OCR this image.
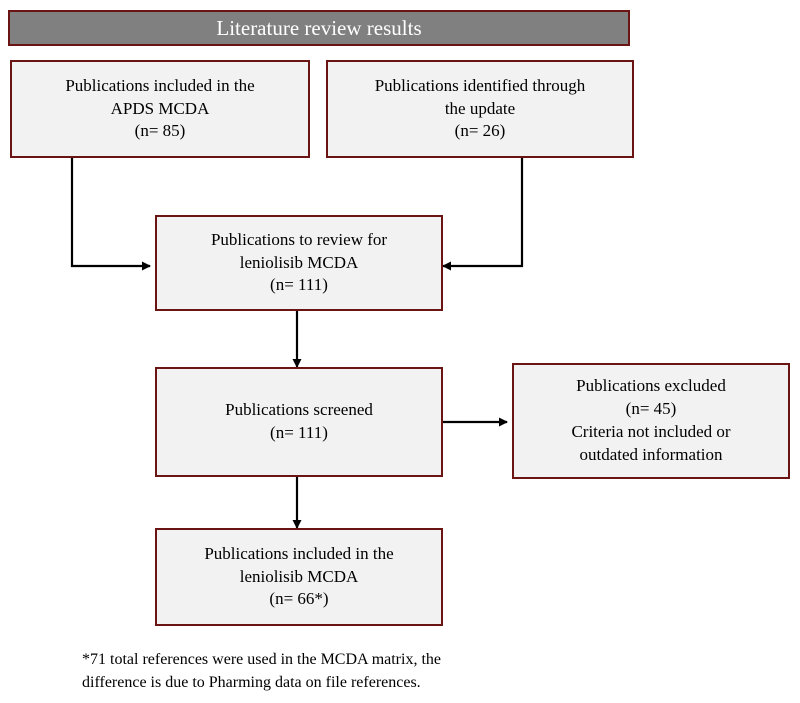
Literature review results
Publications included in the
APDS MCDA
(n= 85)
Publications identified through
the update
(n= 26)
Publications to review for
leniolisib MCDA
(n= 111)
Publications screened
(n= 111)
Publications excluded
(n= 45)
Criteria not included or
outdated information
Publications included in the
leniolisib MCDA
(n= 66*)
*71 total references were used in the MCDA matrix, the
difference is due to Pharming data on file references.
